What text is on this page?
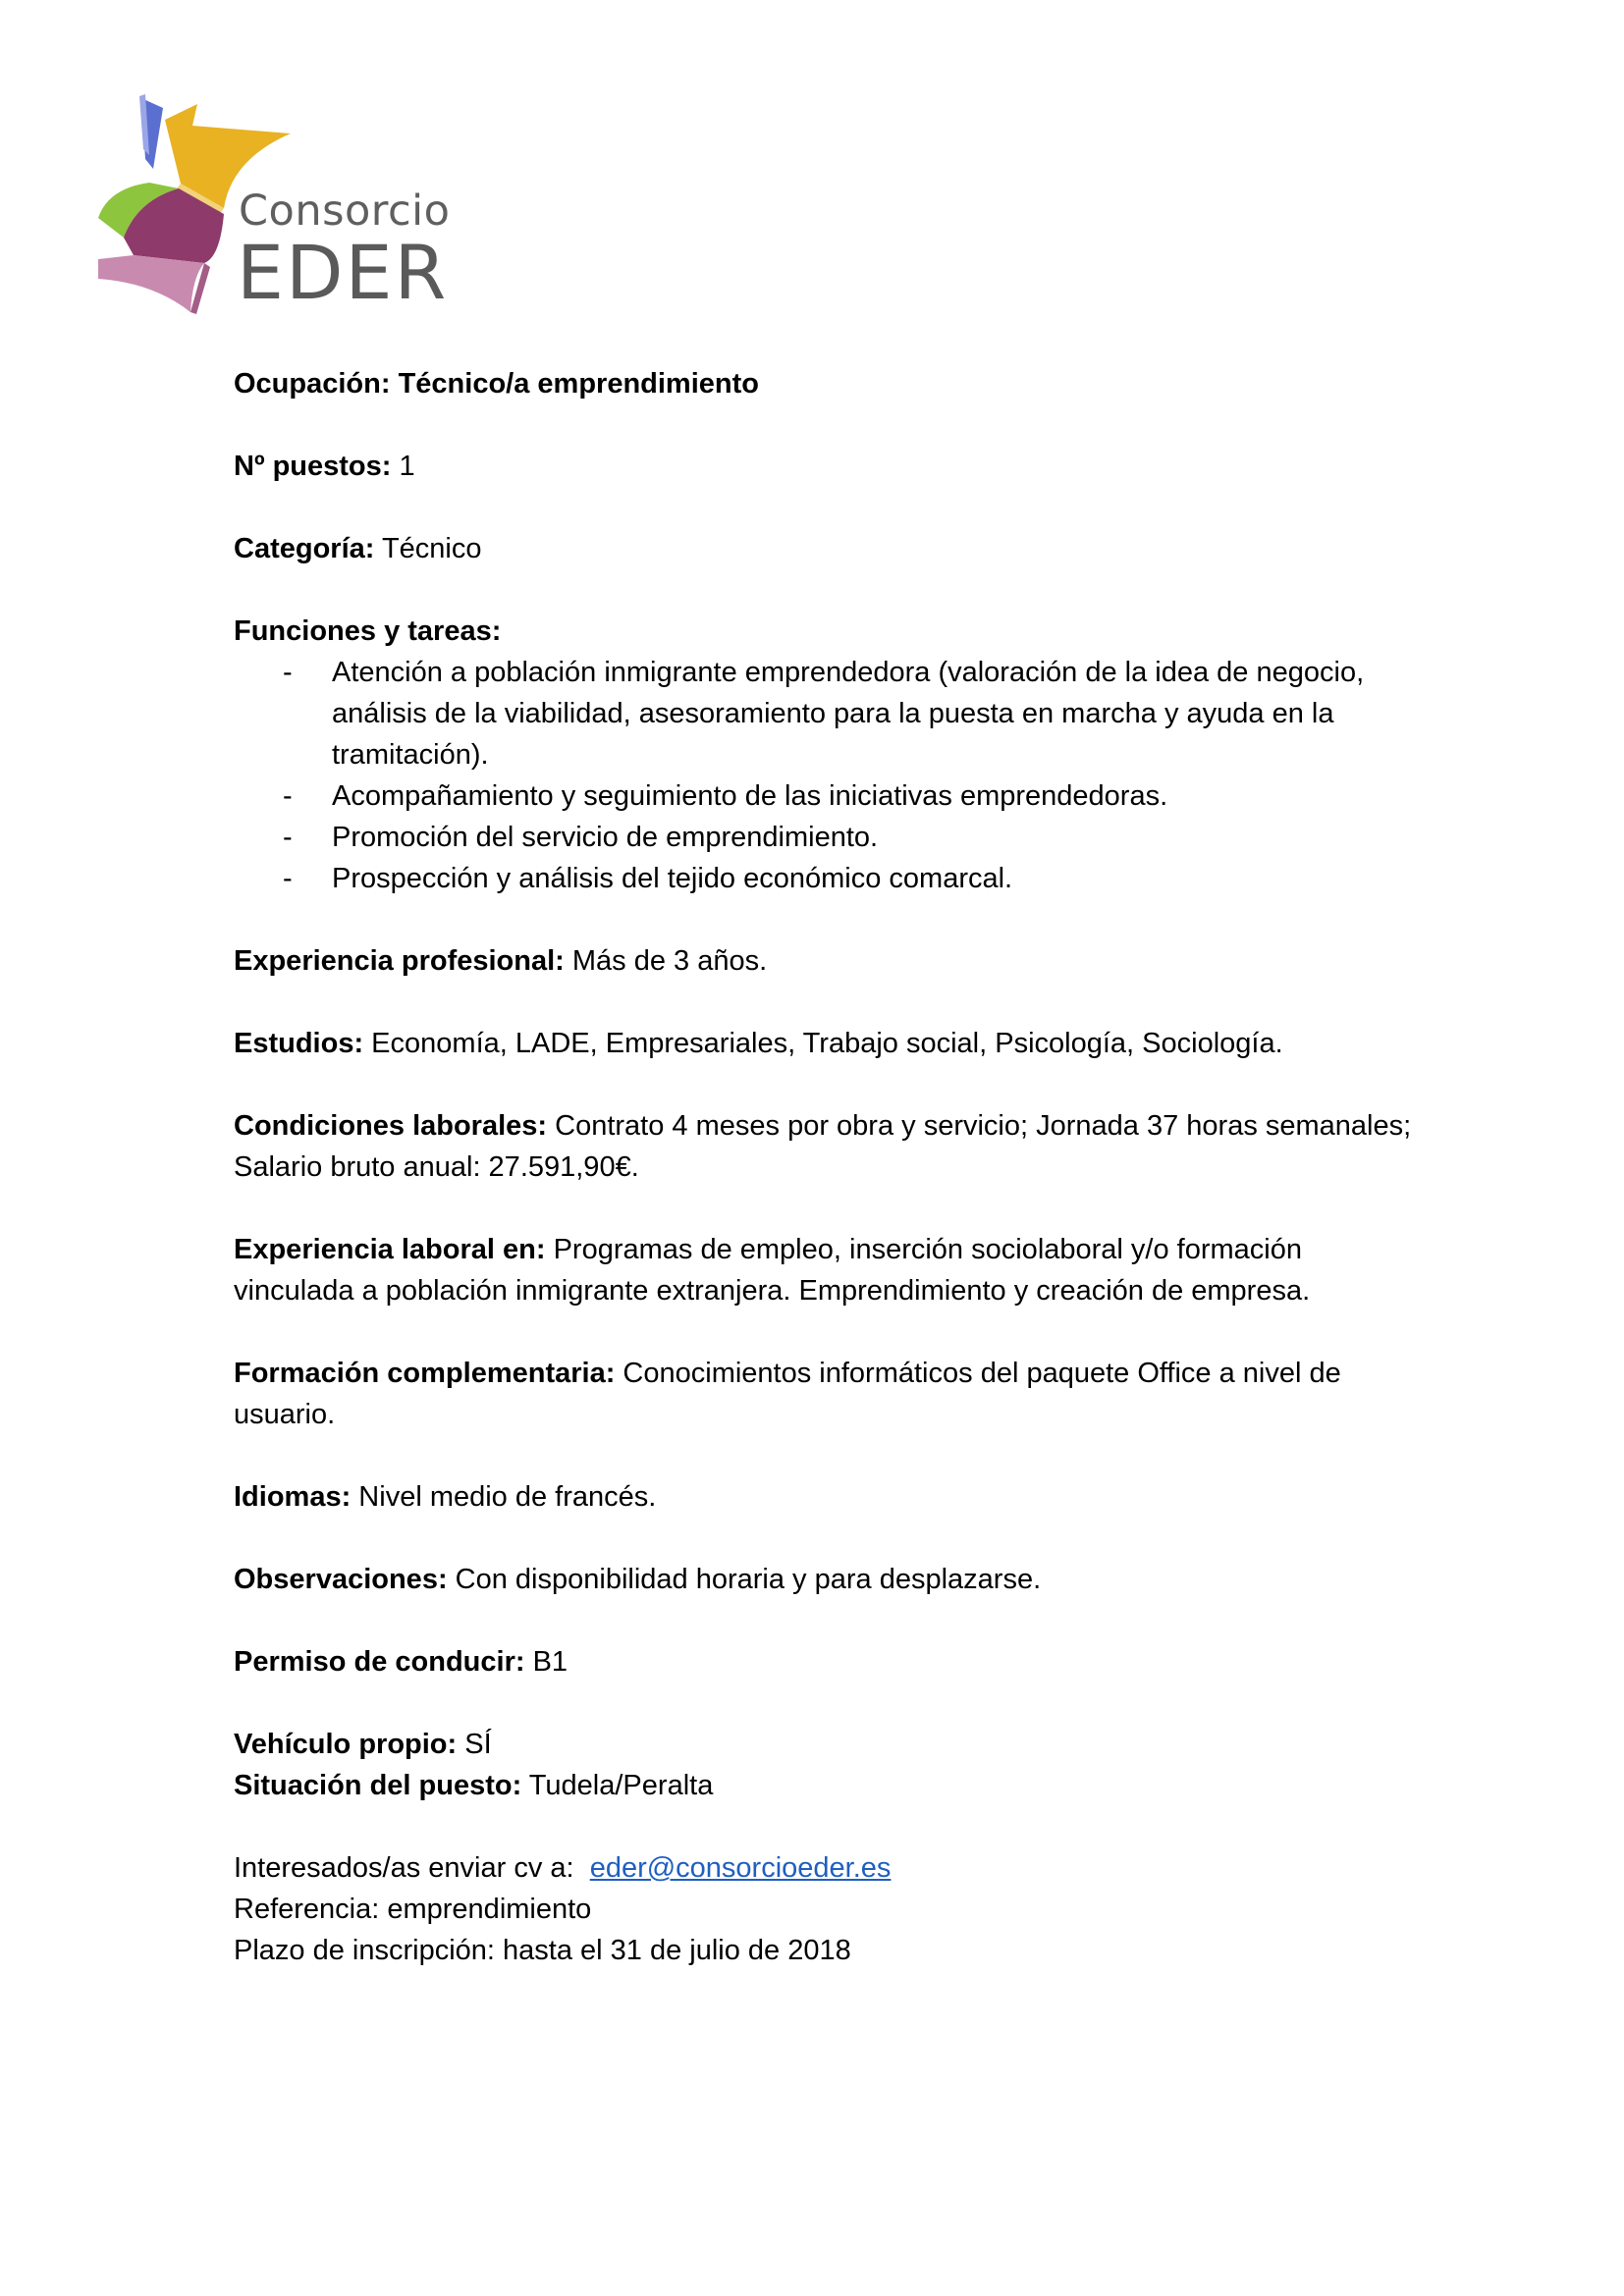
Consorcio
EDER

Ocupación: Técnico/a emprendimiento

Nº puestos: 1

Categoría: Técnico

Funciones y tareas:

- Atención a población inmigrante emprendedora (valoración de la idea de negocio, análisis de la viabilidad, asesoramiento para la puesta en marcha y ayuda en la tramitación).
- Acompañamiento y seguimiento de las iniciativas emprendedoras.
- Promoción del servicio de emprendimiento.
- Prospección y análisis del tejido económico comarcal.

Experiencia profesional: Más de 3 años.

Estudios: Economía, LADE, Empresariales, Trabajo social, Psicología, Sociología.

Condiciones laborales: Contrato 4 meses por obra y servicio; Jornada 37 horas semanales; Salario bruto anual: 27.591,90€.

Experiencia laboral en: Programas de empleo, inserción sociolaboral y/o formación vinculada a población inmigrante extranjera. Emprendimiento y creación de empresa.

Formación complementaria: Conocimientos informáticos del paquete Office a nivel de usuario.

Idiomas: Nivel medio de francés.

Observaciones: Con disponibilidad horaria y para desplazarse.

Permiso de conducir: B1

Vehículo propio: SÍ

Situación del puesto: Tudela/Peralta

Interesados/as enviar cv a:  eder@consorcioeder.es

Referencia: emprendimiento

Plazo de inscripción: hasta el 31 de julio de 2018
